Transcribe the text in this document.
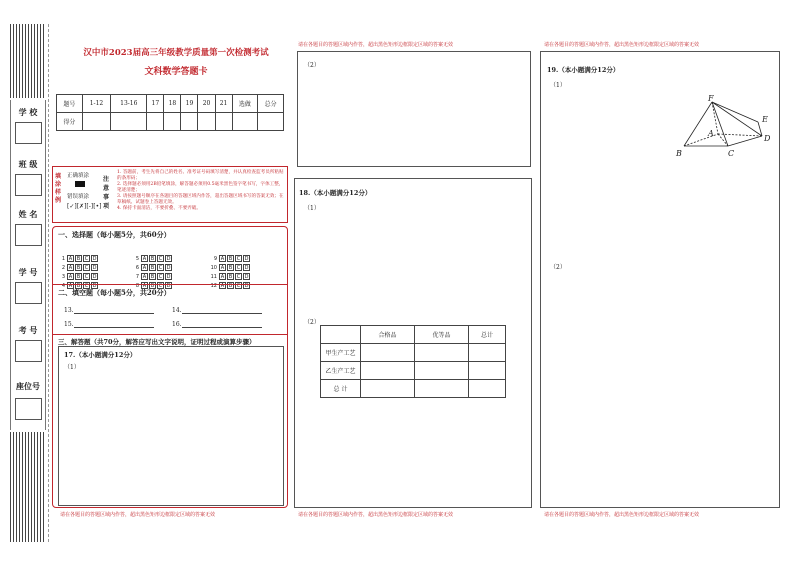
学 校
班 级
姓 名
学 号
考 号
座位号
汉中市2023届高三年级教学质量第一次检测考试
文科数学答题卡
题号	1-12	13-16	17	18	19	20	21	选做	总分
得分									
填涂样例
正确填涂
错误填涂
[✓][✗][-][•]
注意事项
1. 答题前，考生先将自己的姓名、准考证号码填写清楚，并认真检查监考员所粘贴的条形码；
2. 选择题必须用2B铅笔填涂，解答题必须用0.5毫米黑色签字笔书写，字体工整，笔迹清楚；
3. 请按照题号顺序在各题目的答题区域内作答，超出答题区域书写的答案无效；在草稿纸、试题卷上答题无效。
4. 保持卡面清洁，不要折叠、不要弄破。
一、选择题（每小题5分，共60分）
1 A B C D
2 A B C D
3 A B C D
4 A B C D
5 A B C D
6 A B C D
7 A B C D
8 A B C D
9 A B C D
10 A B C D
11 A B C D
12 A B C D
二、填空题（每小题5分，共20分）
13.	14.
15.	16.
三、解答题（共70分，解答应写出文字说明，证明过程或演算步骤）
17.（本小题满分12分）
（1）
请在各题目的答题区域内作答，超出黑色矩形边框限定区域的答案无效
请在各题目的答题区域内作答，超出黑色矩形边框限定区域的答案无效
（2）
18.（本小题满分12分）
（1）
（2）
	合格品	优等品	总计
甲生产工艺			
乙生产工艺			
总 计			
请在各题目的答题区域内作答，超出黑色矩形边框限定区域的答案无效
请在各题目的答题区域内作答，超出黑色矩形边框限定区域的答案无效
19.（本小题满分12分）
（1）
（2）
F
E
D
A
B	C
请在各题目的答题区域内作答，超出黑色矩形边框限定区域的答案无效
